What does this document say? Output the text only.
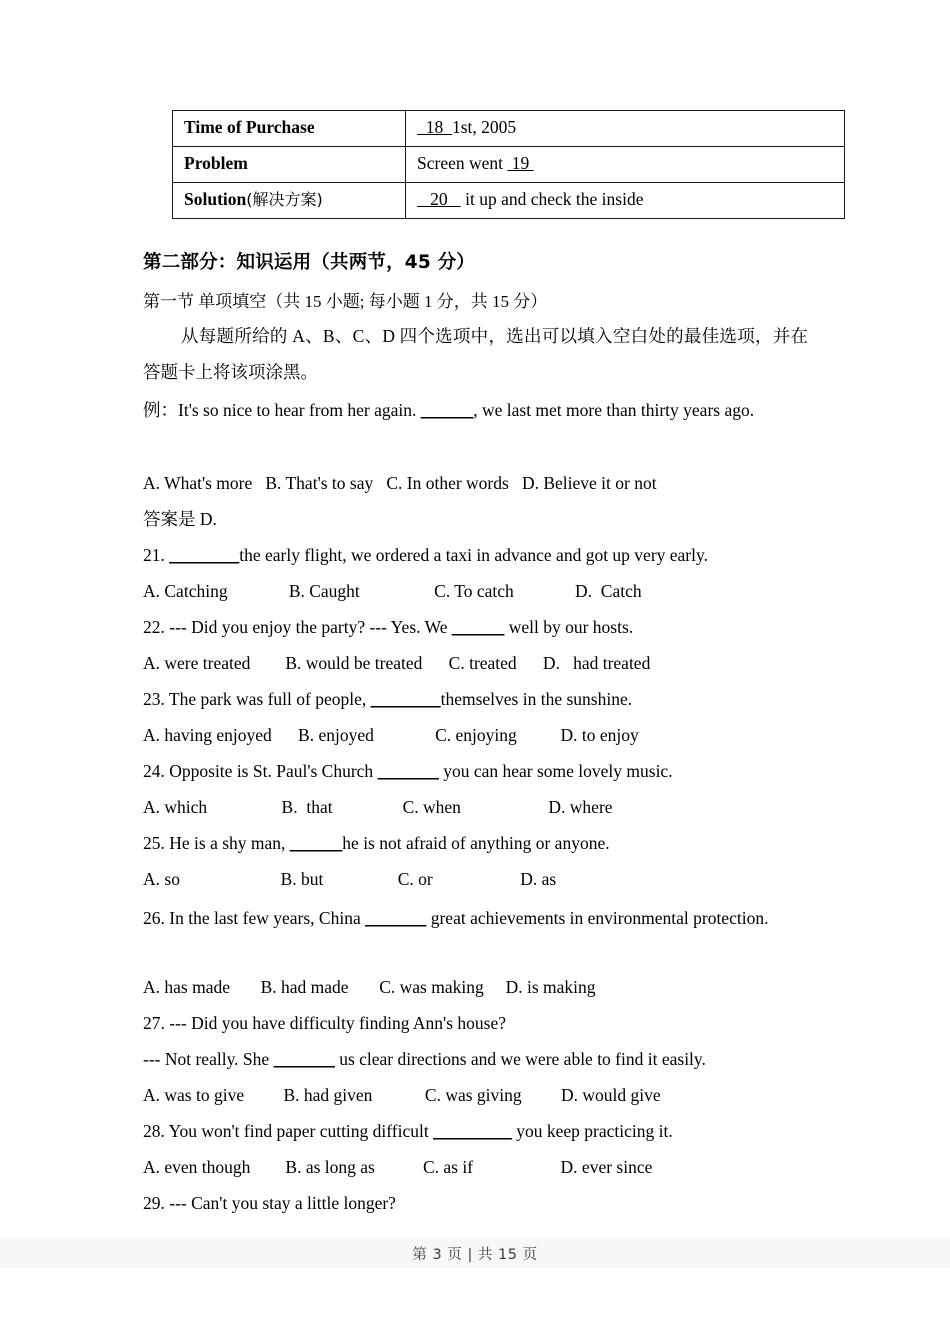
Time of Purchase	18  1st, 2005
Problem	Screen went  19
Solution(解决方案)	20    it up and check the inside
第二部分：知识运用（共两节，45 分）
第一节 单项填空（共 15 小题; 每小题 1 分，共 15 分）
从每题所给的 A、B、C、D 四个选项中，选出可以填入空白处的最佳选项，并在答题卡上将该项涂黑。
例：It's so nice to hear from her again. ______, we last met more than thirty years ago.
A. What's more   B. That's to say   C. In other words   D. Believe it or not
答案是 D.
21. ________the early flight, we ordered a taxi in advance and got up very early.
A. Catching              B. Caught                 C. To catch              D.  Catch
22. --- Did you enjoy the party? --- Yes. We ______ well by our hosts.
A. were treated        B. would be treated      C. treated      D.   had treated
23. The park was full of people, ________themselves in the sunshine.
A. having enjoyed      B. enjoyed              C. enjoying          D. to enjoy
24. Opposite is St. Paul's Church _______ you can hear some lovely music.
A. which                 B.  that                C. when                    D. where
25. He is a shy man, ______he is not afraid of anything or anyone.
A. so                       B. but                 C. or                    D. as
26. In the last few years, China _______ great achievements in environmental protection.
A. has made       B. had made       C. was making     D. is making
27. --- Did you have difficulty finding Ann's house?
--- Not really. She _______ us clear directions and we were able to find it easily.
A. was to give         B. had given            C. was giving         D. would give
28. You won't find paper cutting difficult _________ you keep practicing it.
A. even though        B. as long as           C. as if                    D. ever since
29. --- Can't you stay a little longer?
第 3 页 | 共 15 页
